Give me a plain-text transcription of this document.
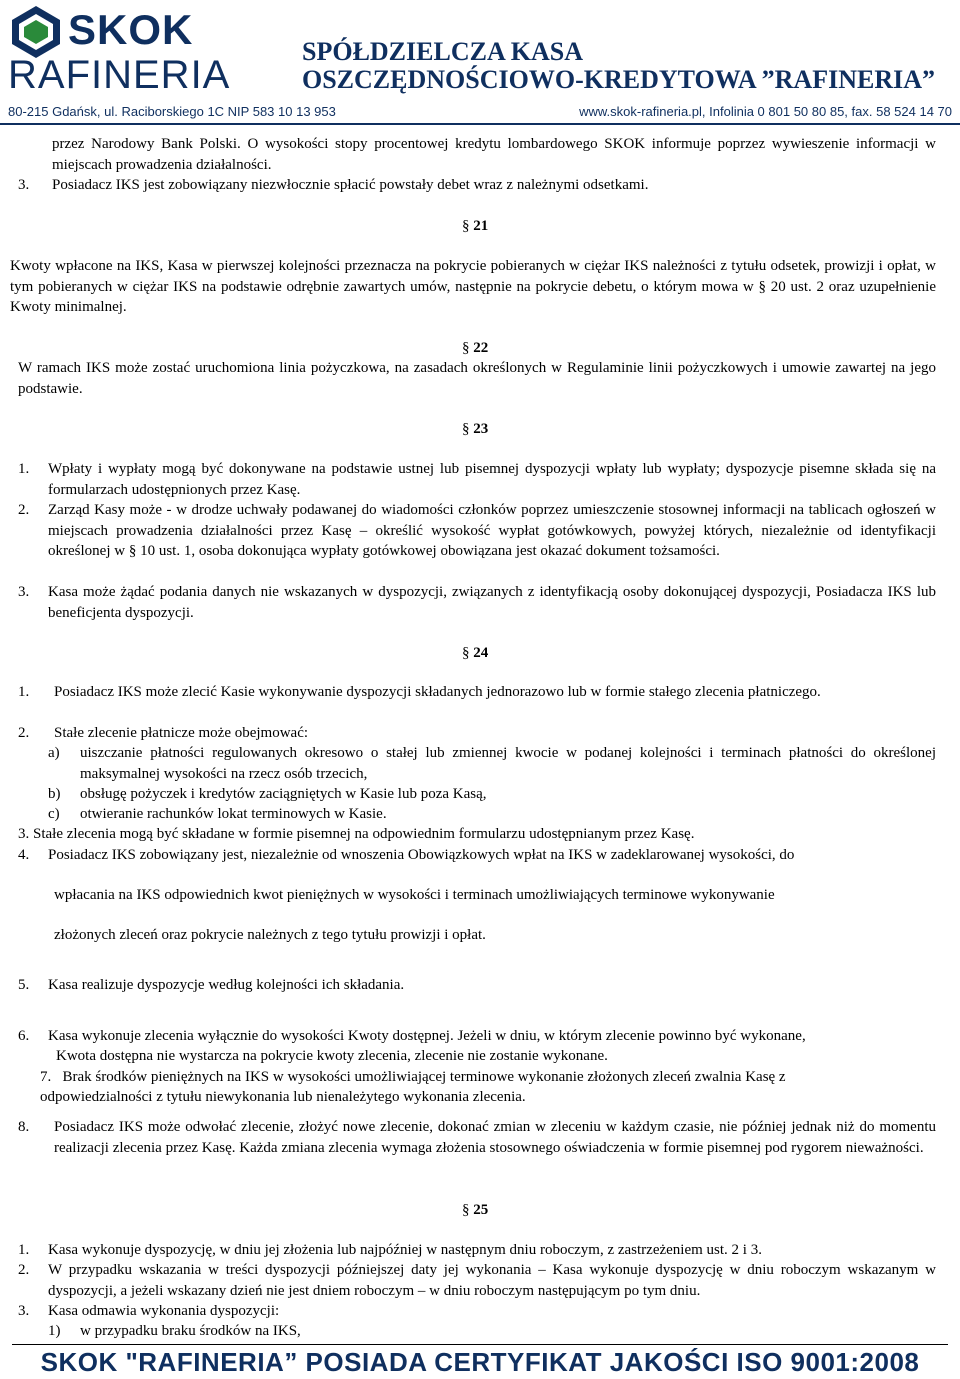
SKOK
RAFINERIA
SPÓŁDZIELCZA KASA
OSZCZĘDNOŚCIOWO-KREDYTOWA ”RAFINERIA”
80-215 Gdańsk, ul. Raciborskiego 1C NIP 583 10 13 953	www.skok-rafineria.pl, Infolinia 0 801 50 80 85, fax. 58 524 14 70
przez Narodowy Bank Polski. O wysokości stopy procentowej kredytu lombardowego SKOK informuje poprzez wywieszenie informacji w miejscach prowadzenia działalności.
3. Posiadacz IKS jest zobowiązany niezwłocznie spłacić powstały debet wraz z należnymi odsetkami.
§ 21
Kwoty wpłacone na IKS, Kasa w pierwszej kolejności przeznacza na pokrycie pobieranych w ciężar IKS należności z tytułu odsetek, prowizji i opłat, w tym pobieranych w ciężar IKS na podstawie odrębnie zawartych umów, następnie na pokrycie debetu, o którym mowa w § 20 ust. 2 oraz uzupełnienie Kwoty minimalnej.
§ 22
W ramach IKS może zostać uruchomiona linia pożyczkowa, na zasadach określonych w Regulaminie linii pożyczkowych i umowie zawartej na jego podstawie.
§ 23
1. Wpłaty i wypłaty mogą być dokonywane na podstawie ustnej lub pisemnej dyspozycji wpłaty lub wypłaty; dyspozycje pisemne składa się na formularzach udostępnionych przez Kasę.
2. Zarząd Kasy może - w drodze uchwały podawanej do wiadomości członków poprzez umieszczenie stosownej informacji na tablicach ogłoszeń w miejscach prowadzenia działalności przez Kasę – określić wysokość wypłat gotówkowych, powyżej których, niezależnie od identyfikacji określonej w § 10 ust. 1, osoba dokonująca wypłaty gotówkowej obowiązana jest okazać dokument tożsamości.
3. Kasa może żądać podania danych nie wskazanych w dyspozycji, związanych z identyfikacją osoby dokonującej dyspozycji, Posiadacza IKS lub beneficjenta dyspozycji.
§ 24
1. Posiadacz IKS może zlecić Kasie wykonywanie dyspozycji składanych jednorazowo lub w formie stałego zlecenia płatniczego.
2. Stałe zlecenie płatnicze może obejmować:
a) uiszczanie płatności regulowanych okresowo o stałej lub zmiennej kwocie w podanej kolejności i terminach płatności do określonej maksymalnej wysokości na rzecz osób trzecich,
b) obsługę pożyczek i kredytów zaciągniętych w Kasie lub poza Kasą,
c) otwieranie rachunków lokat terminowych w Kasie.
3. Stałe zlecenia mogą być składane w formie pisemnej na odpowiednim formularzu udostępnianym przez Kasę.
4. Posiadacz IKS zobowiązany jest, niezależnie od wnoszenia Obowiązkowych wpłat na IKS w zadeklarowanej wysokości, do
wpłacania na IKS odpowiednich kwot pieniężnych w wysokości i terminach umożliwiających terminowe wykonywanie
złożonych zleceń oraz pokrycie należnych z tego tytułu prowizji i opłat.
5. Kasa realizuje dyspozycje według kolejności ich składania.
6. Kasa wykonuje zlecenia wyłącznie do wysokości Kwoty dostępnej. Jeżeli w dniu, w którym zlecenie powinno być wykonane,
Kwota dostępna nie wystarcza na pokrycie kwoty zlecenia, zlecenie nie zostanie wykonane.
7.   Brak środków pieniężnych na IKS w wysokości umożliwiającej terminowe wykonanie złożonych zleceń zwalnia Kasę z
odpowiedzialności z tytułu niewykonania lub nienależytego wykonania zlecenia.
8. Posiadacz IKS może odwołać zlecenie, złożyć nowe zlecenie, dokonać zmian w zleceniu w każdym czasie, nie później jednak niż do momentu realizacji zlecenia przez Kasę. Każda zmiana zlecenia wymaga złożenia stosownego oświadczenia w formie pisemnej pod rygorem nieważności.
§ 25
1. Kasa wykonuje dyspozycję, w dniu jej złożenia lub najpóźniej w następnym dniu roboczym, z zastrzeżeniem ust. 2 i 3.
2. W przypadku wskazania w treści dyspozycji późniejszej daty jej wykonania – Kasa wykonuje dyspozycję w dniu roboczym wskazanym w dyspozycji, a jeżeli wskazany dzień nie jest dniem roboczym – w dniu roboczym następującym po tym dniu.
3. Kasa odmawia wykonania dyspozycji:
1) w przypadku braku środków na IKS,
SKOK "RAFINERIA” POSIADA CERTYFIKAT JAKOŚCI ISO 9001:2008
